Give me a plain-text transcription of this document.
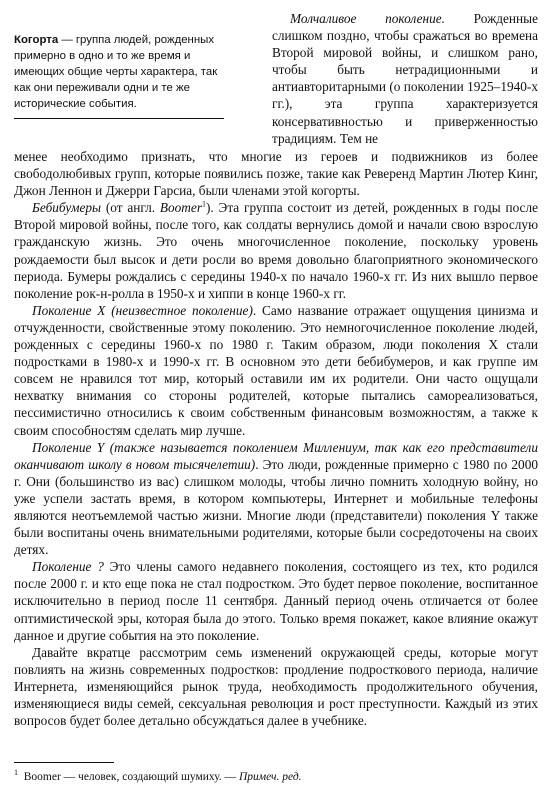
Когорта — группа людей, рожденных примерно в одно и то же время и имеющих общие черты характера, так как они переживали одни и те же исторические события.

Молчаливое поколение. Рожденные слишком поздно, чтобы сражаться во времена Второй мировой войны, и слишком рано, чтобы быть нетрадиционными и антиавторитарными (о поколении 1925–1940-х гг.), эта группа характеризуется консервативностью и приверженностью традициям. Тем не

менее необходимо признать, что многие из героев и подвижников из более свободолюбивых групп, которые появились позже, такие как Реверенд Мартин Лютер Кинг, Джон Леннон и Джерри Гарсиа, были членами этой когорты.

Бебибумеры (от англ. Boomer$^1$). Эта группа состоит из детей, рожденных в годы после Второй мировой войны, после того, как солдаты вернулись домой и начали свою взрослую гражданскую жизнь. Это очень многочисленное поколение, поскольку уровень рождаемости был высок и дети росли во время довольно благоприятного экономического периода. Бумеры рождались с середины 1940-х по начало 1960-х гг. Из них вышло первое поколение рок-н-ролла в 1950-х и хиппи в конце 1960-х гг.

Поколение X (неизвестное поколение). Само название отражает ощущения цинизма и отчужденности, свойственные этому поколению. Это немногочисленное поколение людей, рожденных с середины 1960-х по 1980 г. Таким образом, люди поколения X стали подростками в 1980-х и 1990-х гг. В основном это дети бебибумеров, и как группе им совсем не нравился тот мир, который оставили им их родители. Они часто ощущали нехватку внимания со стороны родителей, которые пытались самореализоваться, пессимистично относились к своим собственным финансовым возможностям, а также к своим способностям сделать мир лучше.

Поколение Y (также называется поколением Миллениум, так как его представители оканчивают школу в новом тысячелетии). Это люди, рожденные примерно с 1980 по 2000 г. Они (большинство из вас) слишком молоды, чтобы лично помнить холодную войну, но уже успели застать время, в котором компьютеры, Интернет и мобильные телефоны являются неотъемлемой частью жизни. Многие люди (представители) поколения Y также были воспитаны очень внимательными родителями, которые были сосредоточены на своих детях.

Поколение ? Это члены самого недавнего поколения, состоящего из тех, кто родился после 2000 г. и кто еще пока не стал подростком. Это будет первое поколение, воспитанное исключительно в период после 11 сентября. Данный период очень отличается от более оптимистической эры, которая была до этого. Только время покажет, какое влияние окажут данное и другие события на это поколение.

Давайте вкратце рассмотрим семь изменений окружающей среды, которые могут повлиять на жизнь современных подростков: продление подросткового периода, наличие Интернета, изменяющийся рынок труда, необходимость продолжительного обучения, изменяющиеся виды семей, сексуальная революция и рост преступности. Каждый из этих вопросов будет более детально обсуждаться далее в учебнике.

$^1$ Boomer — человек, создающий шумиху. — Примеч. ред.
